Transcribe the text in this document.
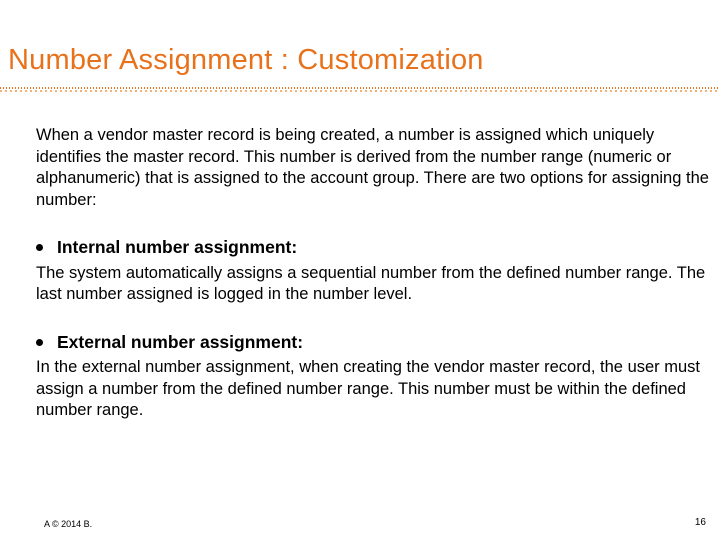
Number Assignment : Customization

When a vendor master record is being created, a number is assigned which uniquely identifies the master record. This number is derived from the number range (numeric or alphanumeric) that is assigned to the account group. There are two options for assigning the number:

Internal number assignment:

The system automatically assigns a sequential number from the defined number range. The last number assigned is logged in the number level.

External number assignment:

In the external number assignment, when creating the vendor master record, the user must assign a number from the defined number range. This number must be within the defined number range.

A © 2014 B.	16
